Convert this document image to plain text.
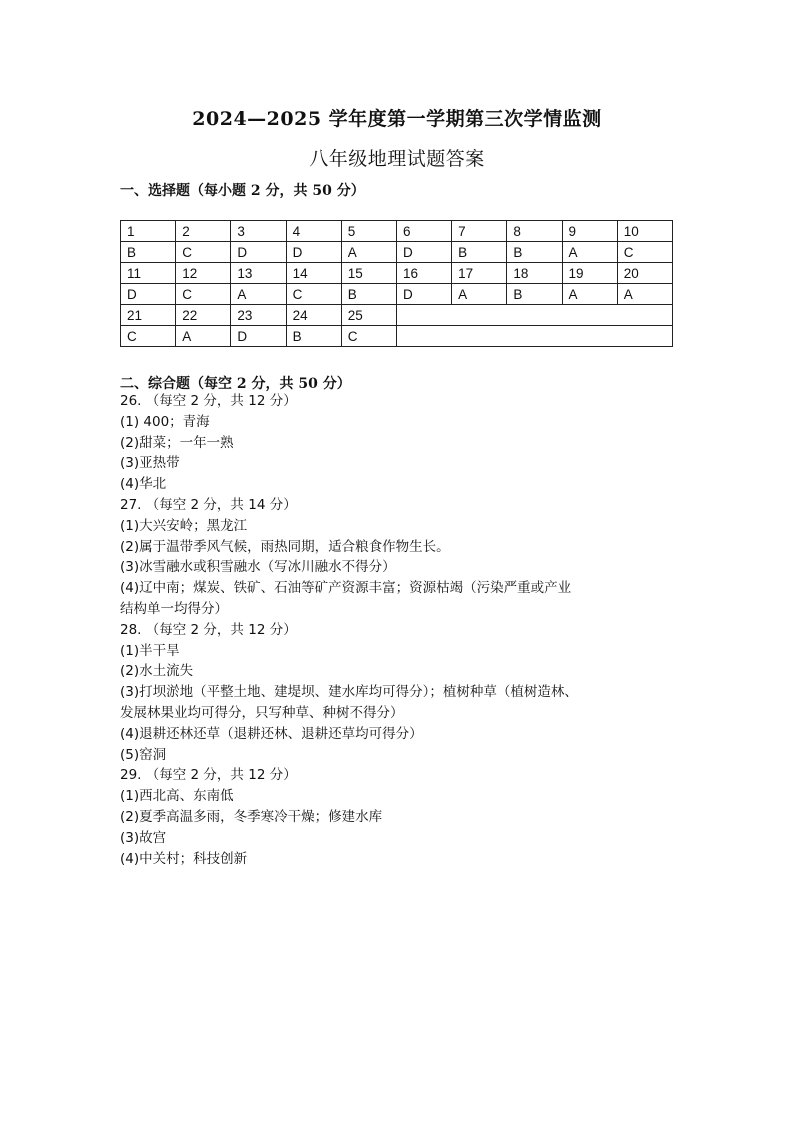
2024—2025 学年度第一学期第三次学情监测
八年级地理试题答案
一、选择题（每小题 2 分，共 50 分）
1	2	3	4	5	6	7	8	9	10
B	C	D	D	A	D	B	B	A	C
11	12	13	14	15	16	17	18	19	20
D	C	A	C	B	D	A	B	A	A
21	22	23	24	25					
C	A	D	B	C					
二、综合题（每空 2 分，共 50 分）
26. （每空 2 分，共 12 分）
(1) 400；青海
(2)甜菜；一年一熟
(3)亚热带
(4)华北
27. （每空 2 分，共 14 分）
(1)大兴安岭；黑龙江
(2)属于温带季风气候，雨热同期，适合粮食作物生长。
(3)冰雪融水或积雪融水（写冰川融水不得分）
(4)辽中南；煤炭、铁矿、石油等矿产资源丰富；资源枯竭（污染严重或产业
结构单一均得分）
28. （每空 2 分，共 12 分）
(1)半干旱
(2)水土流失
(3)打坝淤地（平整土地、建堤坝、建水库均可得分）；植树种草（植树造林、
发展林果业均可得分，只写种草、种树不得分）
(4)退耕还林还草（退耕还林、退耕还草均可得分）
(5)窑洞
29. （每空 2 分，共 12 分）
(1)西北高、东南低
(2)夏季高温多雨，冬季寒冷干燥；修建水库
(3)故宫
(4)中关村；科技创新
